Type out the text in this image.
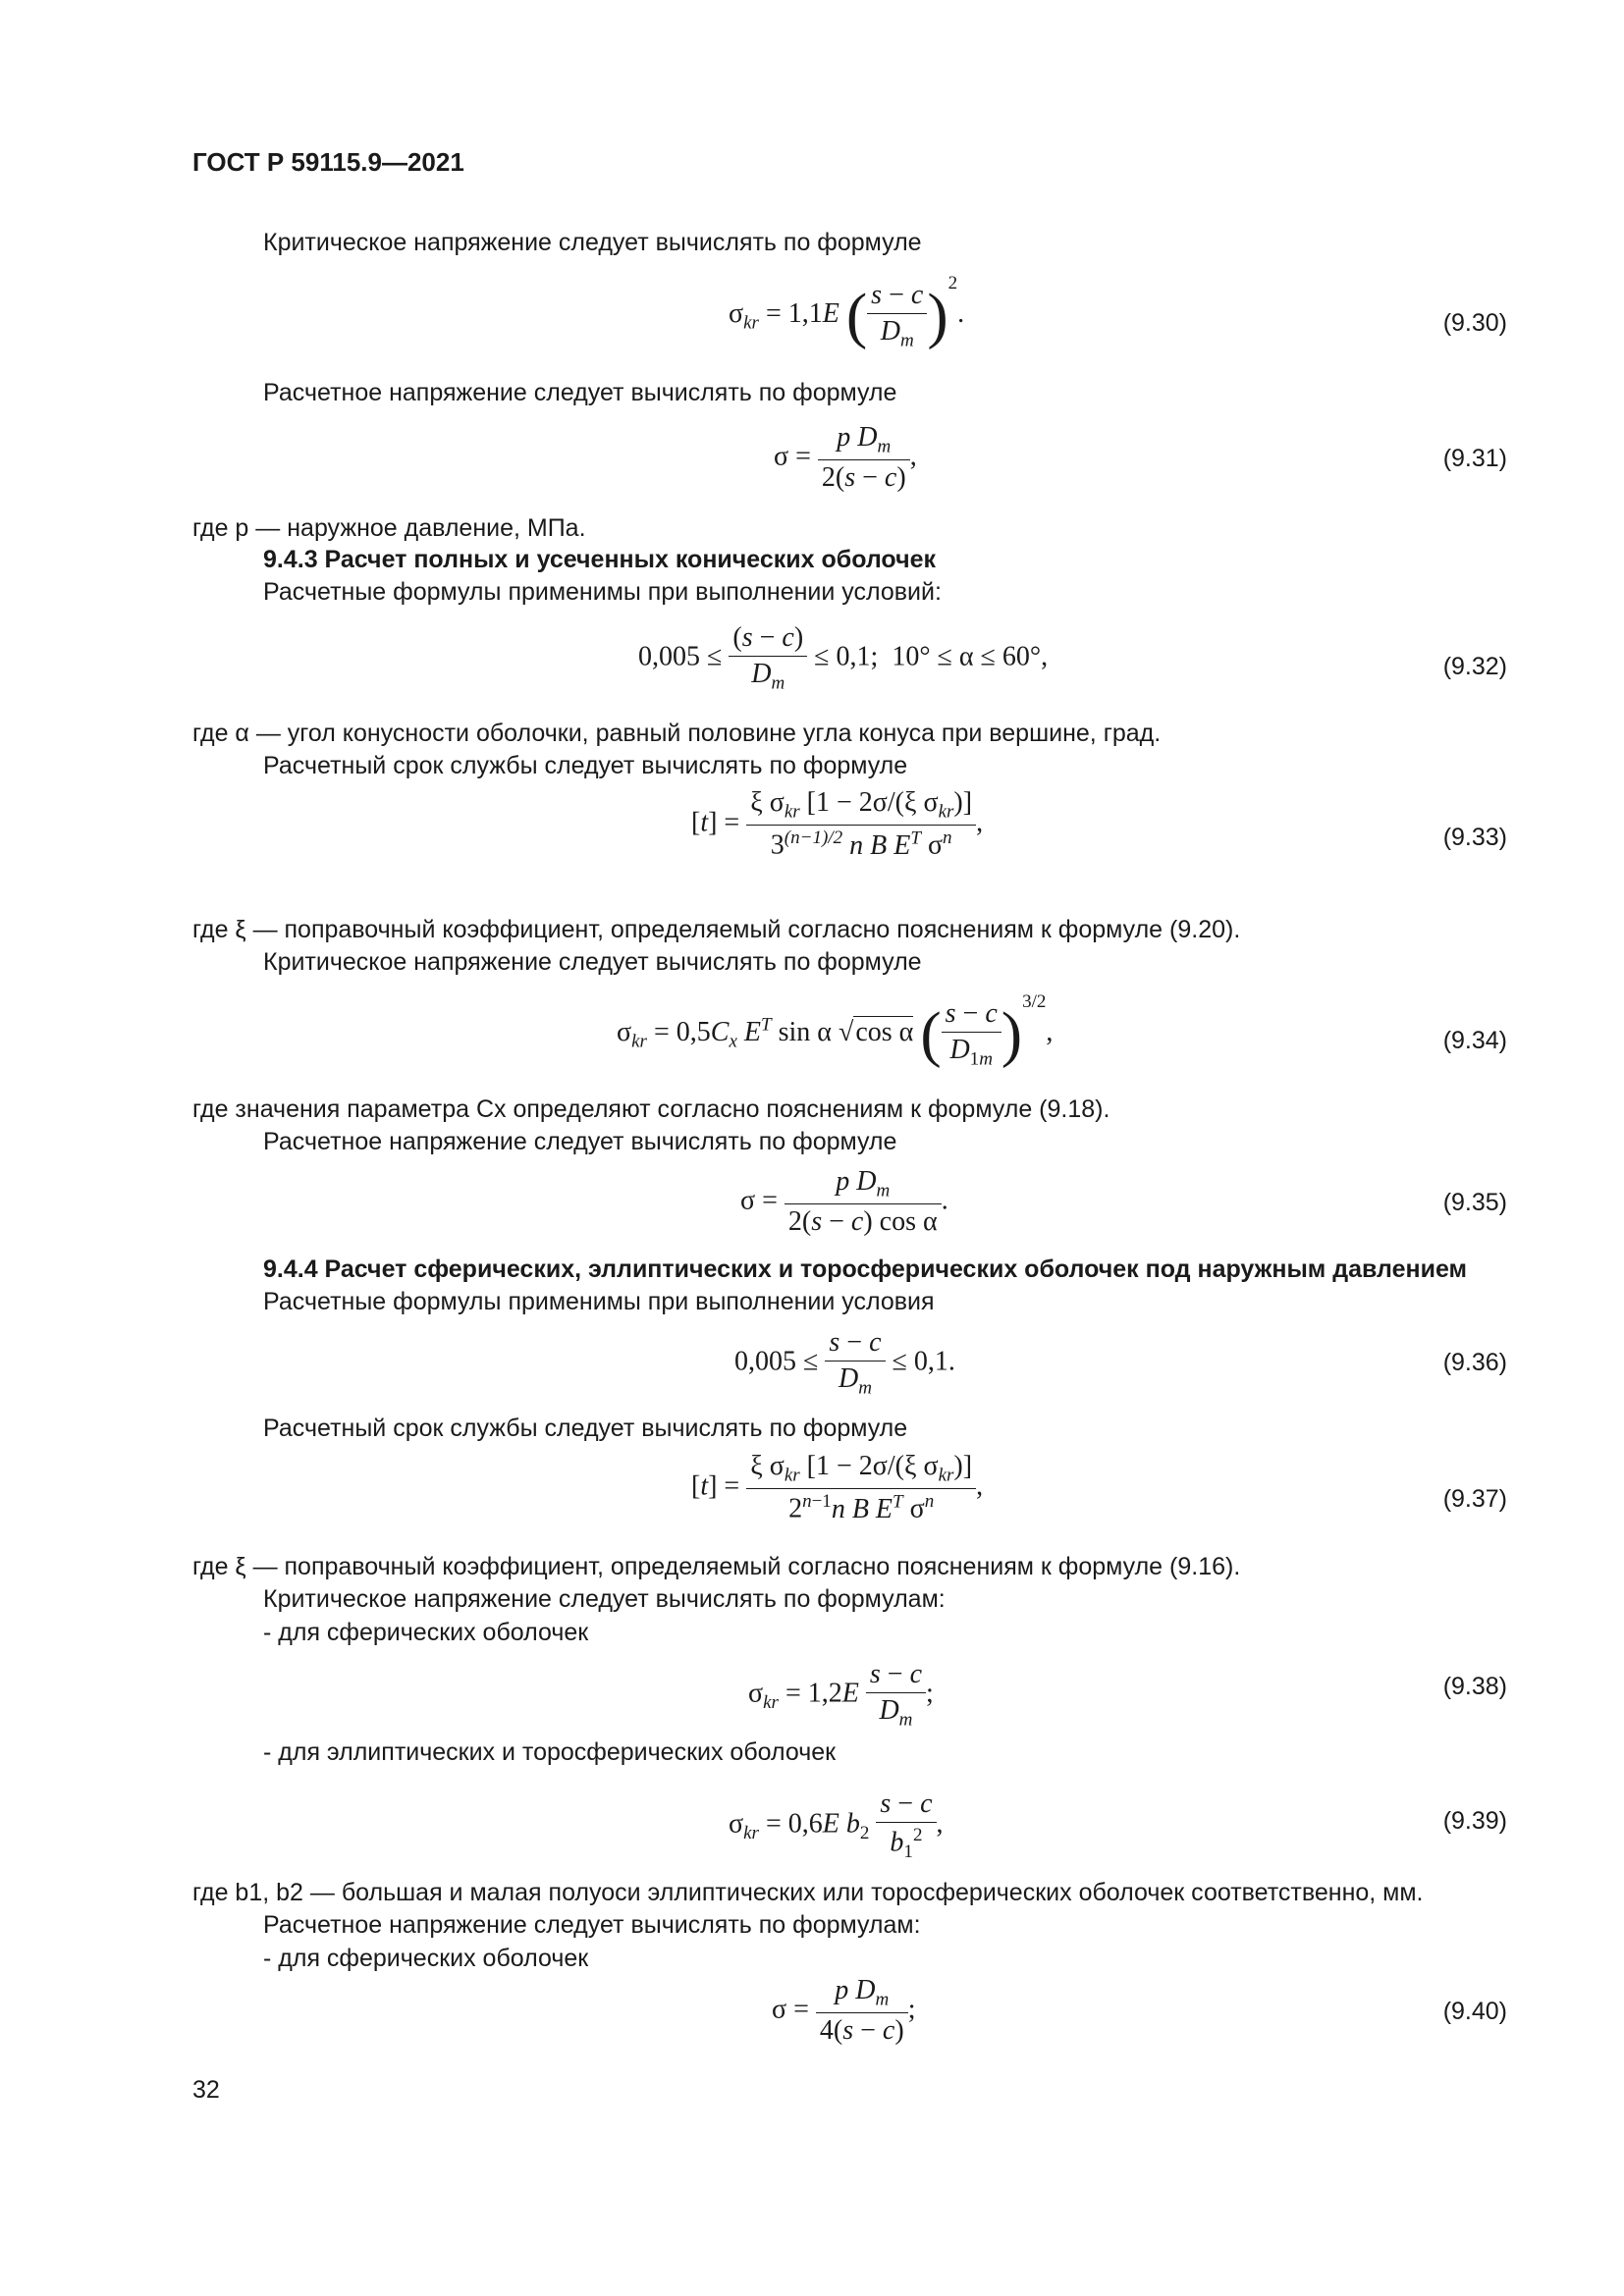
ГОСТ Р 59115.9—2021
Критическое напряжение следует вычислять по формуле
$\sigma_{kr} = 1,1E$ ( $\frac{s - c}{D_m} )^2$.	(9.30)
Расчетное напряжение следует вычислять по формуле
$\sigma = \frac{p D_m}{2(s - c)}$ ,	(9.31)
где p — наружное давление, МПа.
9.4.3 Расчет полных и усеченных конических оболочек
Расчетные формулы применимы при выполнении условий:
$0,005 \le \frac{(s - c)}{D_m} \le 0,1$;  10° ≤ α ≤ 60°,	(9.32)
где α — угол конусности оболочки, равный половине угла конуса при вершине, град.
Расчетный срок службы следует вычислять по формуле
$[t] = \frac{\xi \sigma_{kr} [1 - 2\sigma/(\xi \sigma_{kr})]}{3^{(n-1)/2} n B E^T \sigma^n}$ ,	(9.33)
где ξ — поправочный коэффициент, определяемый согласно пояснениям к формуле (9.20).
Критическое напряжение следует вычислять по формуле
$\sigma_{kr} = 0,5C_x$ $E^T$ sin α √cos α ( $\frac{s - c}{D_{1m}} )^{3/2}$,	(9.34)
где значения параметра Cx определяют согласно пояснениям к формуле (9.18).
Расчетное напряжение следует вычислять по формуле
$\sigma = \frac{p D_m}{\text{2(s − c) cos α}}$ .	(9.35)
9.4.4 Расчет сферических, эллиптических и торосферических оболочек под наружным давлением
Расчетные формулы применимы при выполнении условия
$0,005 \le \frac{s - c}{D_m} \le 0,1$.	(9.36)
Расчетный срок службы следует вычислять по формуле
$[t] = \frac{\xi \sigma_{kr} [1 - 2\sigma/(\xi \sigma_{kr})]}{2^{n-1}n B E^T \sigma^n}$ ,	(9.37)
где ξ — поправочный коэффициент, определяемый согласно пояснениям к формуле (9.16).
Критическое напряжение следует вычислять по формулам:
- для сферических оболочек
$\sigma_{kr} = 1,2E \frac{s - c}{D_m}$ ;	(9.38)
- для эллиптических и торосферических оболочек
$\sigma_{kr} = 0,6E$ $b_2 \frac{s - c}{b_1^2}$ ,	(9.39)
где b1, b2 — большая и малая полуоси эллиптических или торосферических оболочек соответственно, мм.
Расчетное напряжение следует вычислять по формулам:
- для сферических оболочек
$\sigma = \frac{p D_m}{4(s - c)}$ ;	(9.40)
32
